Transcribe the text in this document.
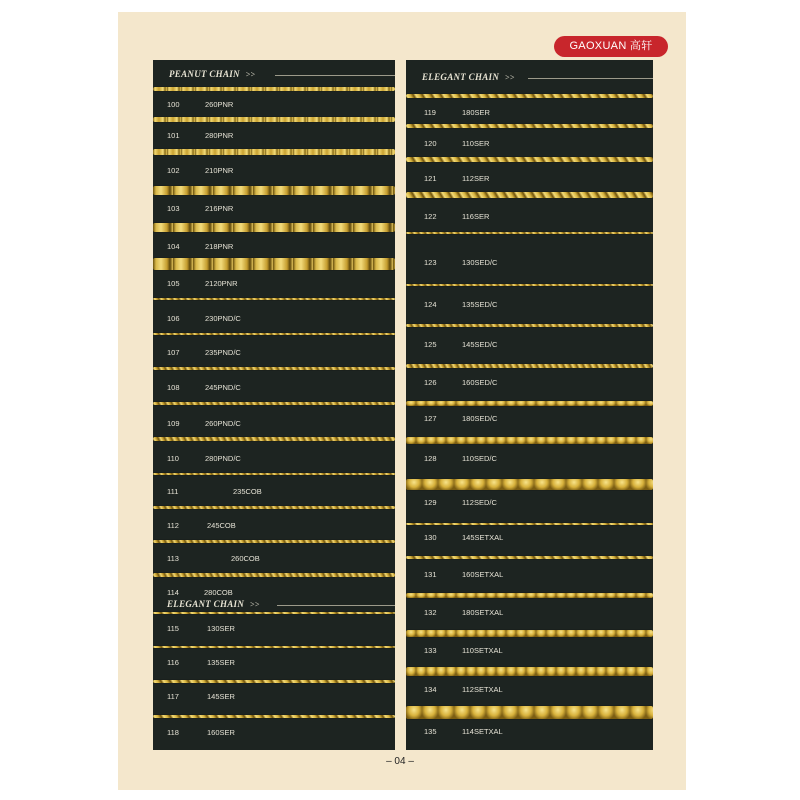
GAOXUAN 高轩
PEANUT CHAIN >>
ELEGANT CHAIN >>
100	260PNR
101	280PNR
102	210PNR
103	216PNR
104	218PNR
105	2120PNR
106	230PND/C
107	235PND/C
108	245PND/C
109	260PND/C
110	280PND/C
111	235COB
112	245COB
113	260COB
114	280COB
115	130SER
116	135SER
117	145SER
118	160SER
ELEGANT CHAIN >>
119	180SER
120	110SER
121	112SER
122	116SER
123	130SED/C
124	135SED/C
125	145SED/C
126	160SED/C
127	180SED/C
128	110SED/C
129	112SED/C
130	145SETXAL
131	160SETXAL
132	180SETXAL
133	110SETXAL
134	112SETXAL
135	114SETXAL
– 04 –
